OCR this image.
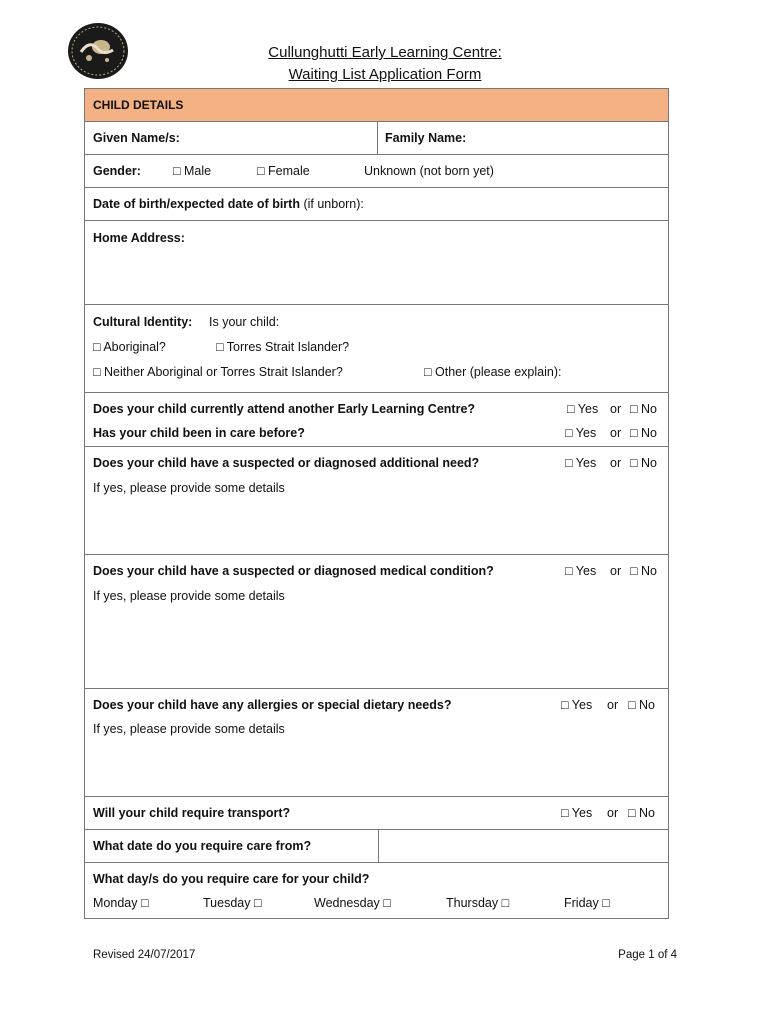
Cullunghutti Early Learning Centre:
Waiting List Application Form
CHILD DETAILS
Given Name/s:	Family Name:
Gender:	□ Male	□ Female	Unknown (not born yet)
Date of birth/expected date of birth (if unborn):
Home Address:
Cultural Identity: Is your child:
□ Aboriginal?	□ Torres Strait Islander?
□ Neither Aboriginal or Torres Strait Islander?	□ Other (please explain):
Does your child currently attend another Early Learning Centre?	□ Yes or □ No
Has your child been in care before?	□ Yes or □ No
Does your child have a suspected or diagnosed additional need?	□ Yes or □ No
If yes, please provide some details
Does your child have a suspected or diagnosed medical condition?	□ Yes or □ No
If yes, please provide some details
Does your child have any allergies or special dietary needs?	□ Yes or □ No
If yes, please provide some details
Will your child require transport?	□ Yes or □ No
What date do you require care from?
What day/s do you require care for your child?
Monday □	Tuesday □	Wednesday □	Thursday □	Friday □
Revised 24/07/2017	Page 1 of 4
